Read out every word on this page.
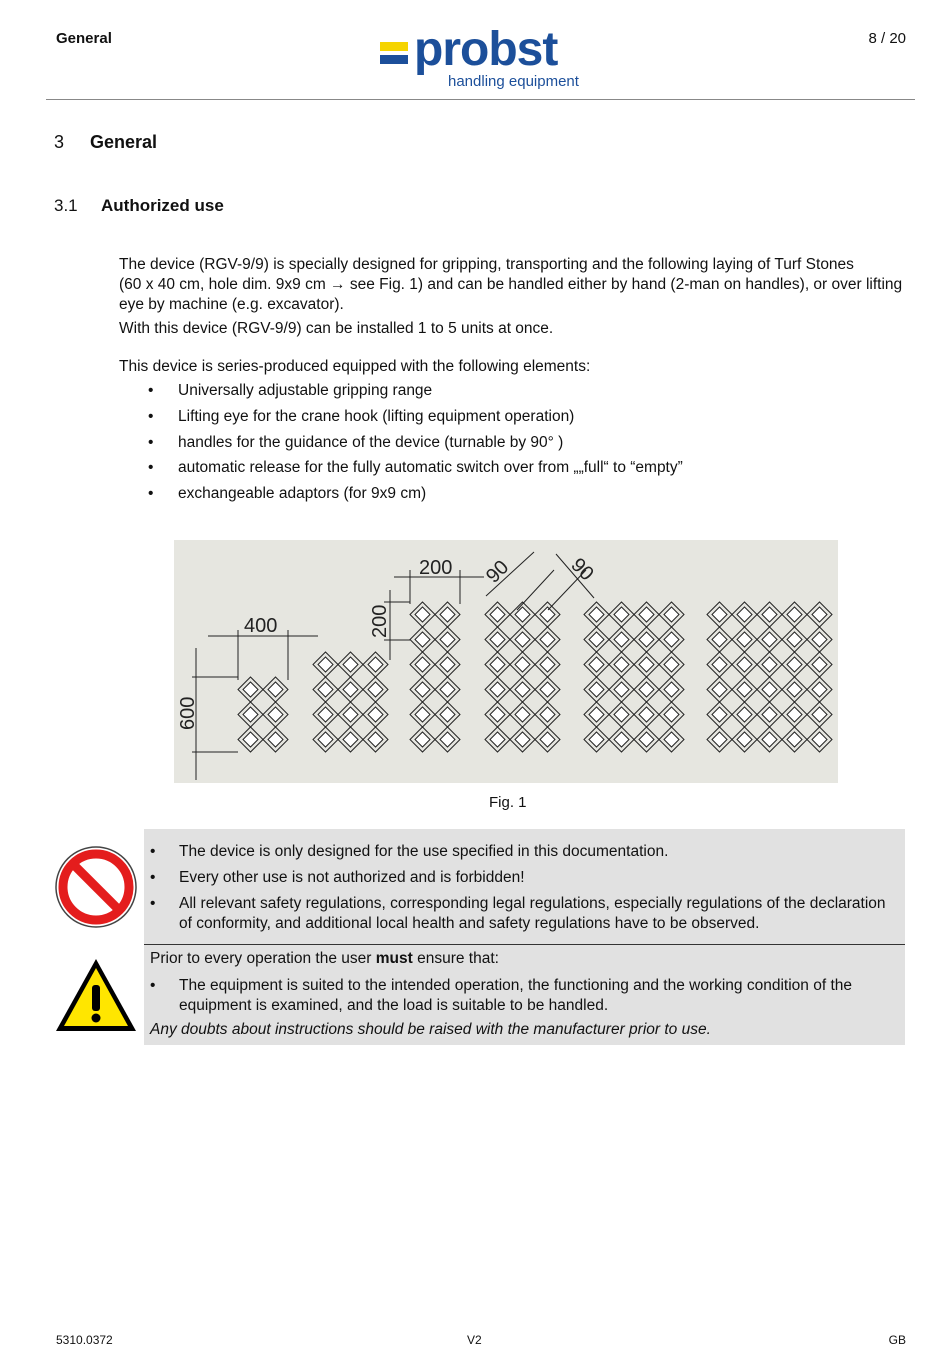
General	8 / 20
probst
handling equipment
3 General
3.1 Authorized use
The device (RGV-9/9) is specially designed for gripping, transporting and the following laying of Turf Stones
(60 x 40 cm, hole dim. 9x9 cm → see Fig. 1) and can be handled either by hand (2-man on handles), or over lifting
eye by machine (e.g. excavator).
With this device (RGV-9/9) can be installed 1 to 5 units at once.
This device is series-produced equipped with the following elements:
• Universally adjustable gripping range
• Lifting eye for the crane hook (lifting equipment operation)
• handles for the guidance of the device (turnable by 90° )
• automatic release for the fully automatic switch over from „„full“ to “empty”
• exchangeable adaptors (for 9x9 cm)
400
600
200
200
90	90
Fig. 1
• The device is only designed for the use specified in this documentation.
• Every other use is not authorized and is forbidden!
• All relevant safety regulations, corresponding legal regulations, especially regulations of the declaration of conformity, and additional local health and safety regulations have to be observed.
Prior to every operation the user must ensure that:
• The equipment is suited to the intended operation, the functioning and the working condition of the equipment is examined, and the load is suitable to be handled.
Any doubts about instructions should be raised with the manufacturer prior to use.
5310.0372	V2	GB
